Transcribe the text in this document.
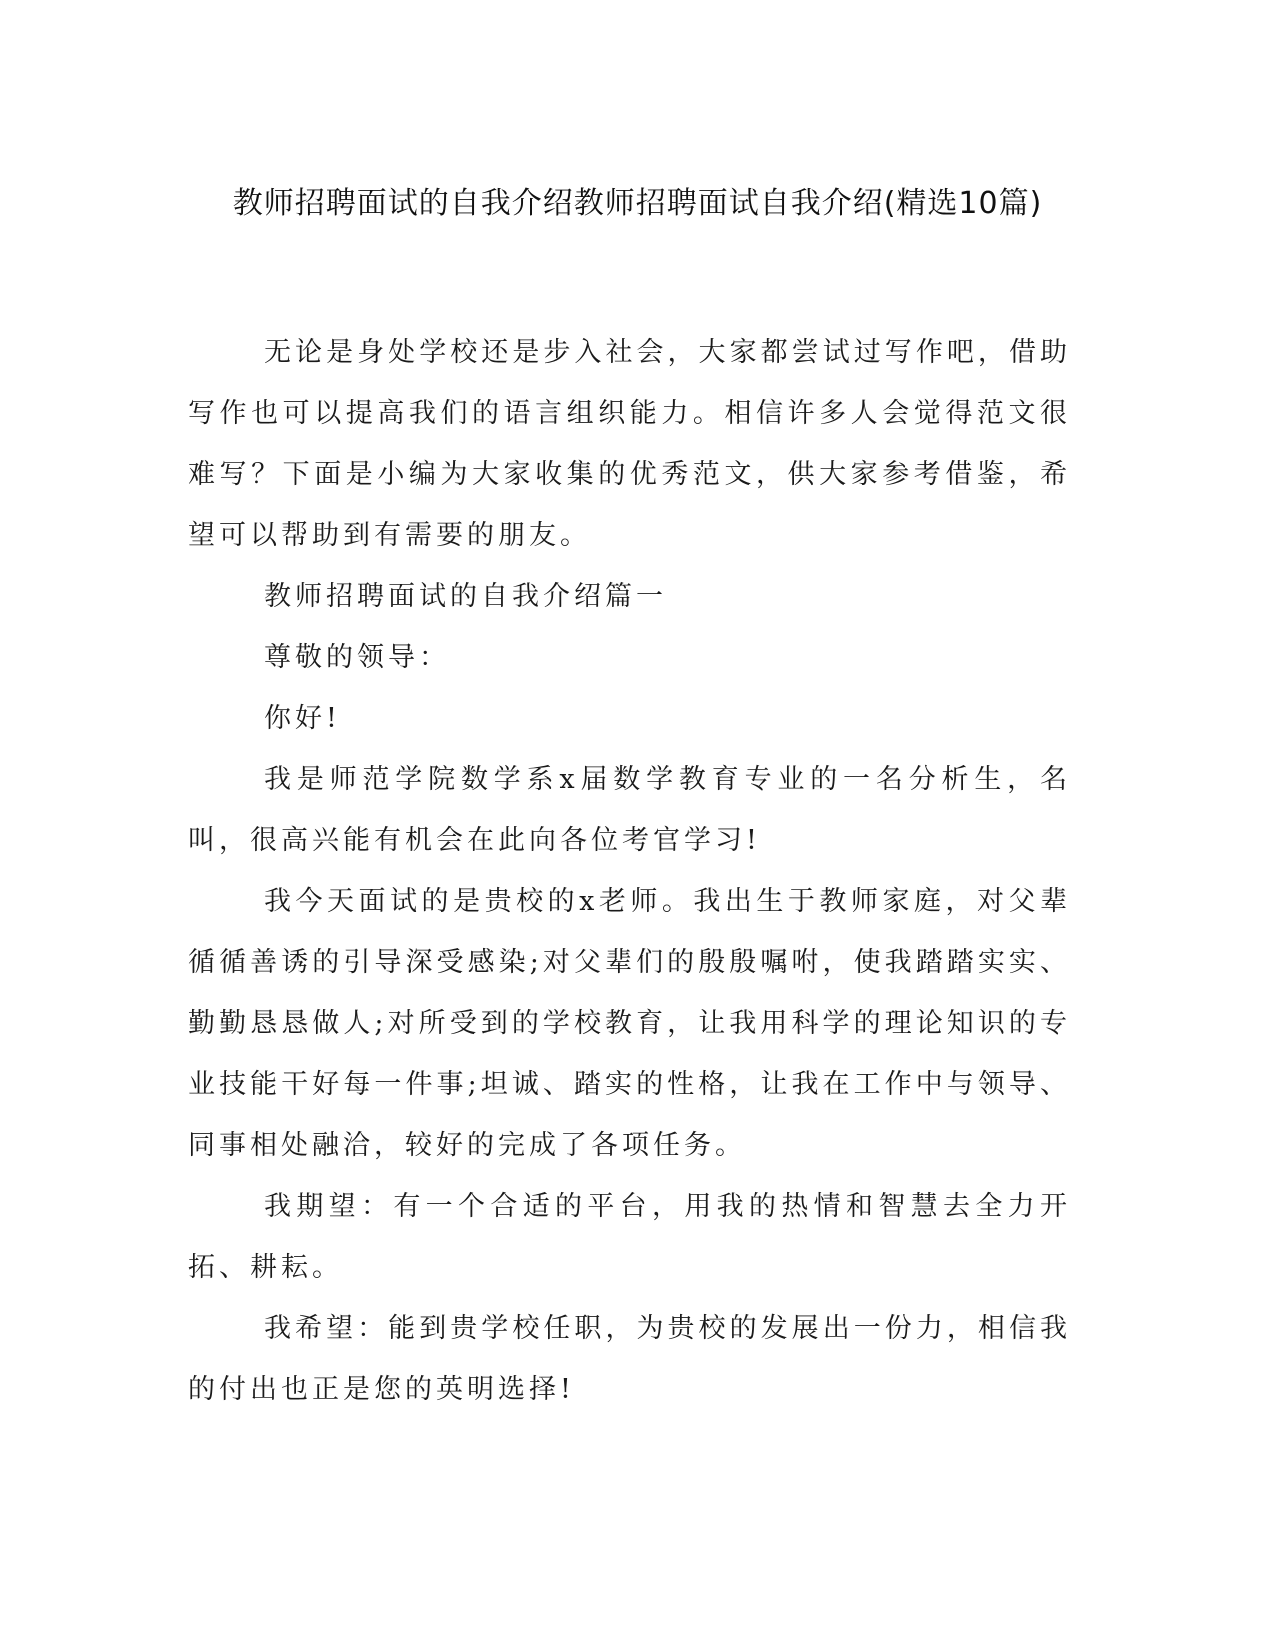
教师招聘面试的自我介绍教师招聘面试自我介绍(精选10篇)

无论是身处学校还是步入社会，大家都尝试过写作吧，借助写作也可以提高我们的语言组织能力。相信许多人会觉得范文很难写？下面是小编为大家收集的优秀范文，供大家参考借鉴，希望可以帮助到有需要的朋友。

教师招聘面试的自我介绍篇一

尊敬的领导：

你好!

我是师范学院数学系x届数学教育专业的一名分析生，名叫，很高兴能有机会在此向各位考官学习!

我今天面试的是贵校的x老师。我出生于教师家庭，对父辈循循善诱的引导深受感染;对父辈们的殷殷嘱咐，使我踏踏实实、勤勤恳恳做人;对所受到的学校教育，让我用科学的理论知识的专业技能干好每一件事;坦诚、踏实的性格，让我在工作中与领导、同事相处融洽，较好的完成了各项任务。

我期望：有一个合适的平台，用我的热情和智慧去全力开拓、耕耘。

我希望：能到贵学校任职，为贵校的发展出一份力，相信我的付出也正是您的英明选择!
